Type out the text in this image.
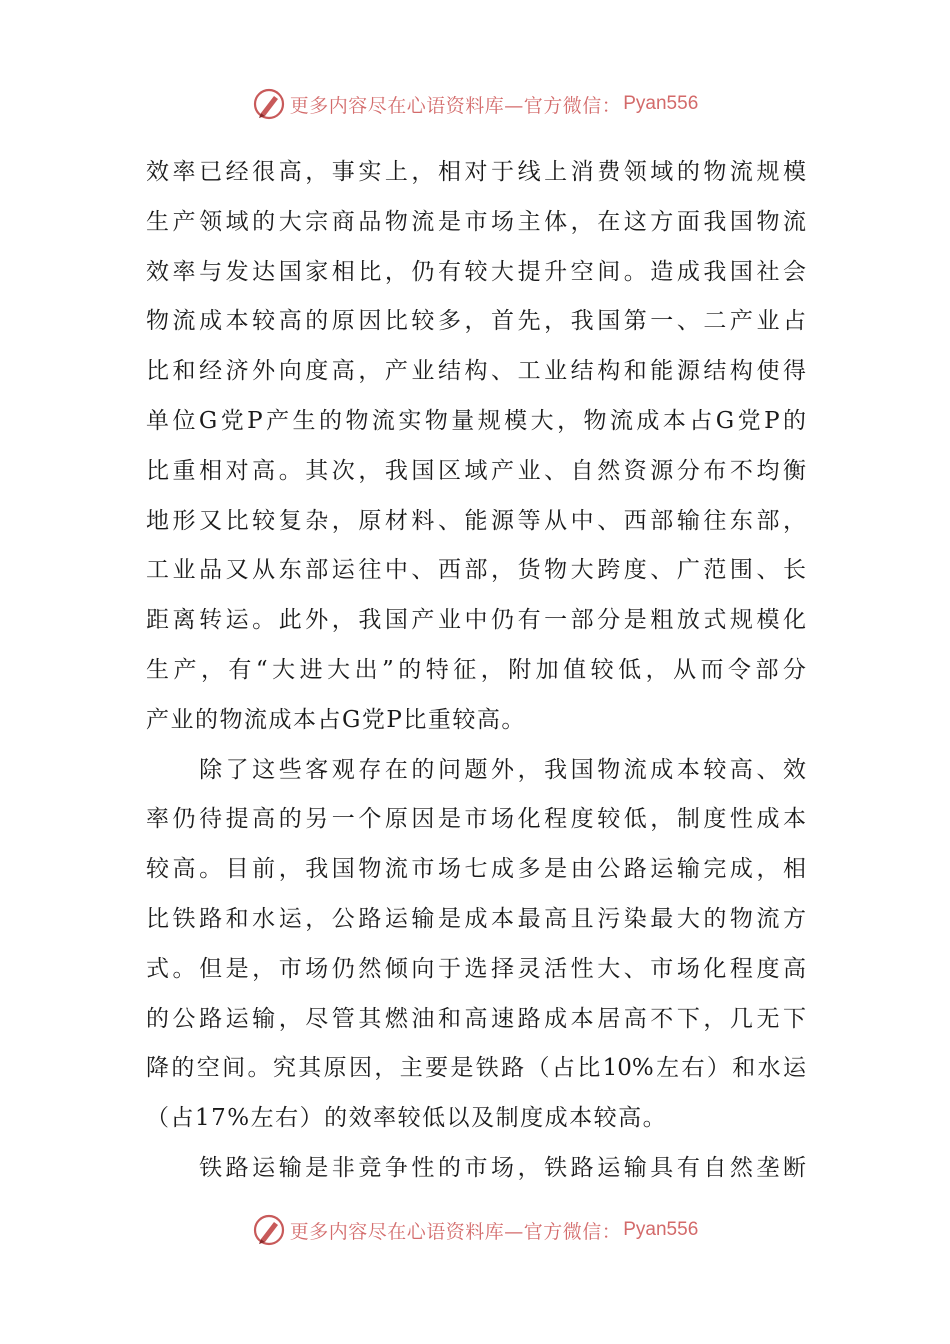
更多内容尽在心语资料库—官方微信： Pyan556
效率已经很高，事实上，相对于线上消费领域的物流规模
生产领域的大宗商品物流是市场主体，在这方面我国物流
效率与发达国家相比，仍有较大提升空间。造成我国社会
物流成本较高的原因比较多，首先，我国第一、二产业占
比和经济外向度高，产业结构、工业结构和能源结构使得
单位G党P产生的物流实物量规模大，物流成本占G党P的
比重相对高。其次，我国区域产业、自然资源分布不均衡
地形又比较复杂，原材料、能源等从中、西部输往东部，
工业品又从东部运往中、西部，货物大跨度、广范围、长
距离转运。此外，我国产业中仍有一部分是粗放式规模化
生产，有“大进大出”的特征，附加值较低，从而令部分
产业的物流成本占G党P比重较高。
　　除了这些客观存在的问题外，我国物流成本较高、效
率仍待提高的另一个原因是市场化程度较低，制度性成本
较高。目前，我国物流市场七成多是由公路运输完成，相
比铁路和水运，公路运输是成本最高且污染最大的物流方
式。但是，市场仍然倾向于选择灵活性大、市场化程度高
的公路运输，尽管其燃油和高速路成本居高不下，几无下
降的空间。究其原因，主要是铁路（占比10%左右）和水运
（占17%左右）的效率较低以及制度成本较高。
　　铁路运输是非竞争性的市场，铁路运输具有自然垄断
更多内容尽在心语资料库—官方微信： Pyan556
